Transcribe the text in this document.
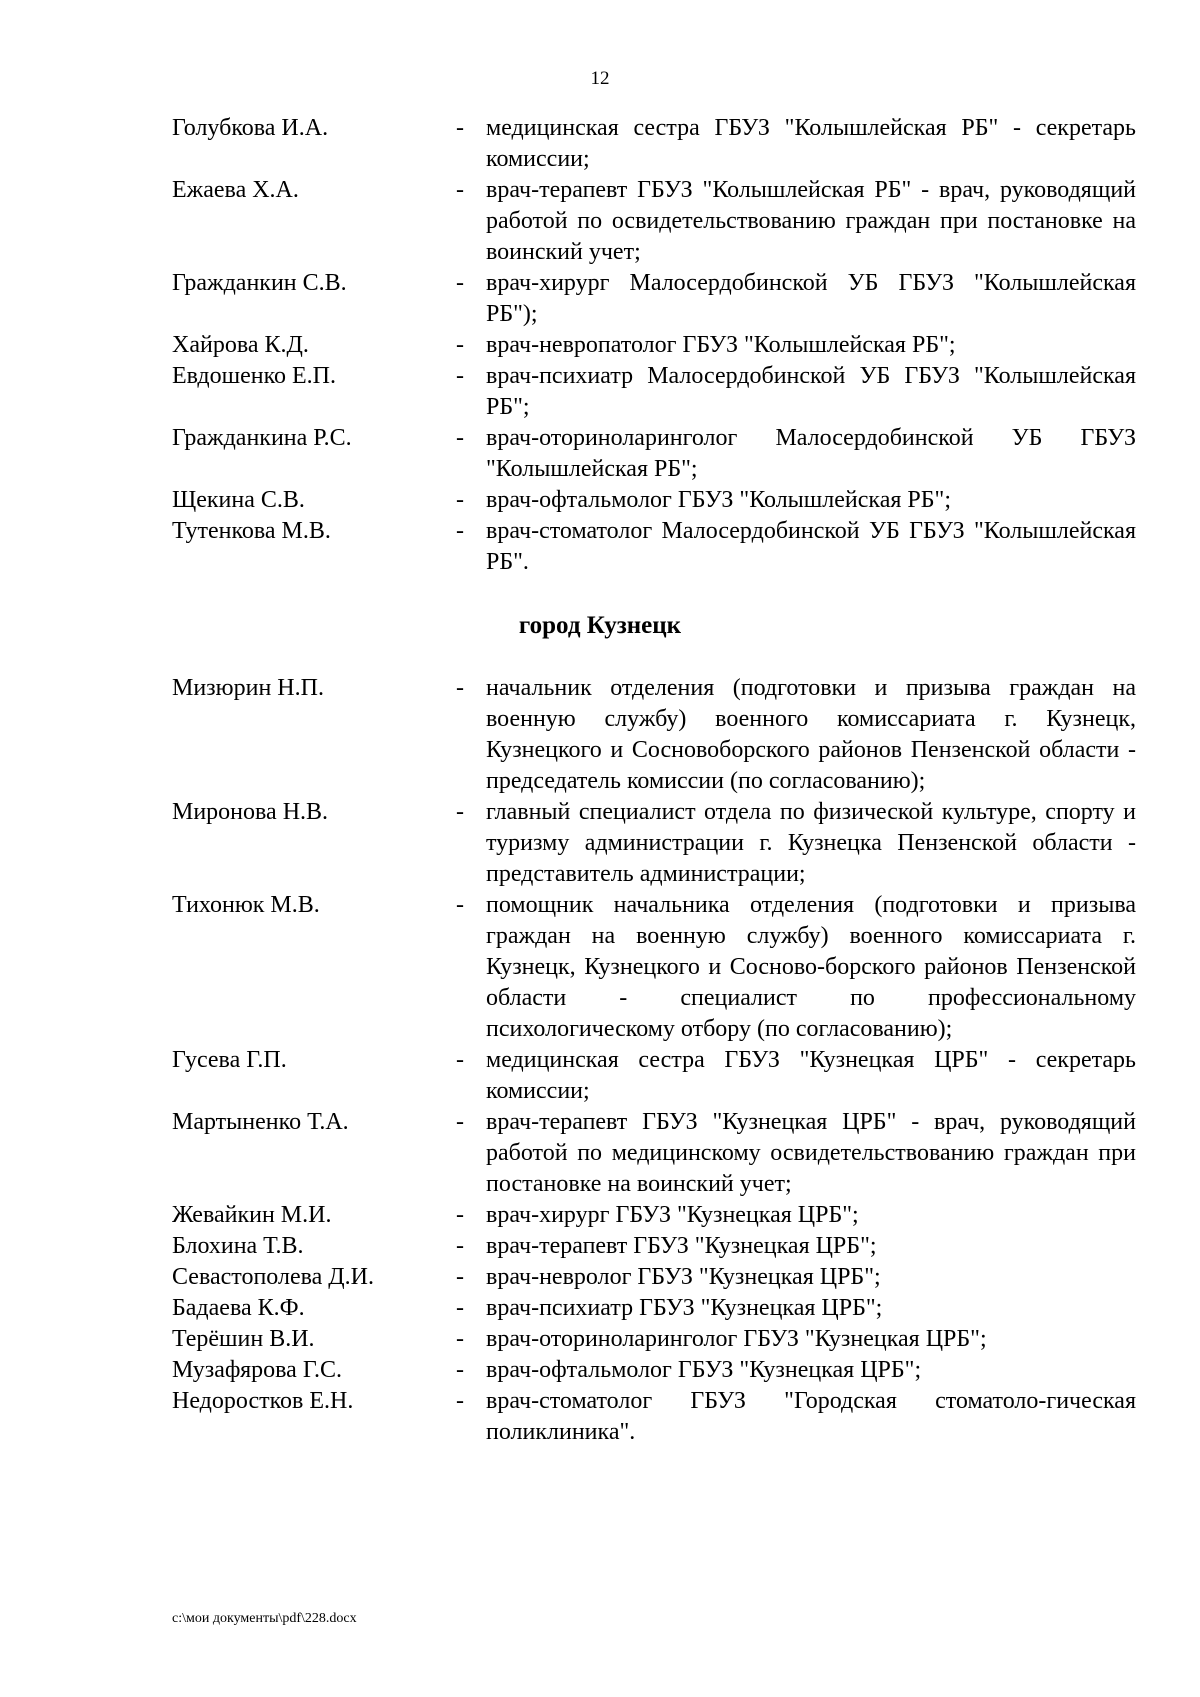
12
Голубкова И.А.	- медицинская сестра ГБУЗ "Колышлейская РБ" - секретарь комиссии;
Ежаева Х.А.	- врач-терапевт ГБУЗ "Колышлейская РБ" - врач, руководящий работой по освидетельствованию граждан при постановке на воинский учет;
Гражданкин С.В.	- врач-хирург Малосердобинской УБ ГБУЗ "Колышлейская РБ");
Хайрова К.Д.	- врач-невропатолог ГБУЗ "Колышлейская РБ";
Евдошенко Е.П.	- врач-психиатр Малосердобинской УБ ГБУЗ "Колышлейская РБ";
Гражданкина Р.С.	- врач-оториноларинголог Малосердобинской УБ ГБУЗ "Колышлейская РБ";
Щекина С.В.	- врач-офтальмолог ГБУЗ "Колышлейская РБ";
Тутенкова М.В.	- врач-стоматолог Малосердобинской УБ ГБУЗ "Колышлейская РБ".
город Кузнецк
Мизюрин Н.П.	- начальник отделения (подготовки и призыва граждан на военную службу) военного комиссариата г. Кузнецк, Кузнецкого и Сосновоборского районов Пензенской области - председатель комиссии (по согласованию);
Миронова Н.В.	- главный специалист отдела по физической культуре, спорту и туризму администрации г. Кузнецка Пензенской области - представитель администрации;
Тихонюк М.В.	- помощник начальника отделения (подготовки и призыва граждан на военную службу) военного комиссариата г. Кузнецк, Кузнецкого и Сосново-борского районов Пензенской области - специалист по профессиональному психологическому отбору (по согласованию);
Гусева Г.П.	- медицинская сестра ГБУЗ "Кузнецкая ЦРБ" - секретарь комиссии;
Мартыненко Т.А.	- врач-терапевт ГБУЗ "Кузнецкая ЦРБ" - врач, руководящий работой по медицинскому освидетельствованию граждан при постановке на воинский учет;
Жевайкин М.И.	- врач-хирург ГБУЗ "Кузнецкая ЦРБ";
Блохина Т.В.	- врач-терапевт ГБУЗ "Кузнецкая ЦРБ";
Севастополева Д.И.	- врач-невролог ГБУЗ "Кузнецкая ЦРБ";
Бадаева К.Ф.	- врач-психиатр ГБУЗ "Кузнецкая ЦРБ";
Терёшин В.И.	- врач-оториноларинголог ГБУЗ "Кузнецкая ЦРБ";
Музафярова Г.С.	- врач-офтальмолог ГБУЗ "Кузнецкая ЦРБ";
Недоростков Е.Н.	- врач-стоматолог ГБУЗ "Городская стоматоло-гическая поликлиника".
c:\мои документы\pdf\228.docx
